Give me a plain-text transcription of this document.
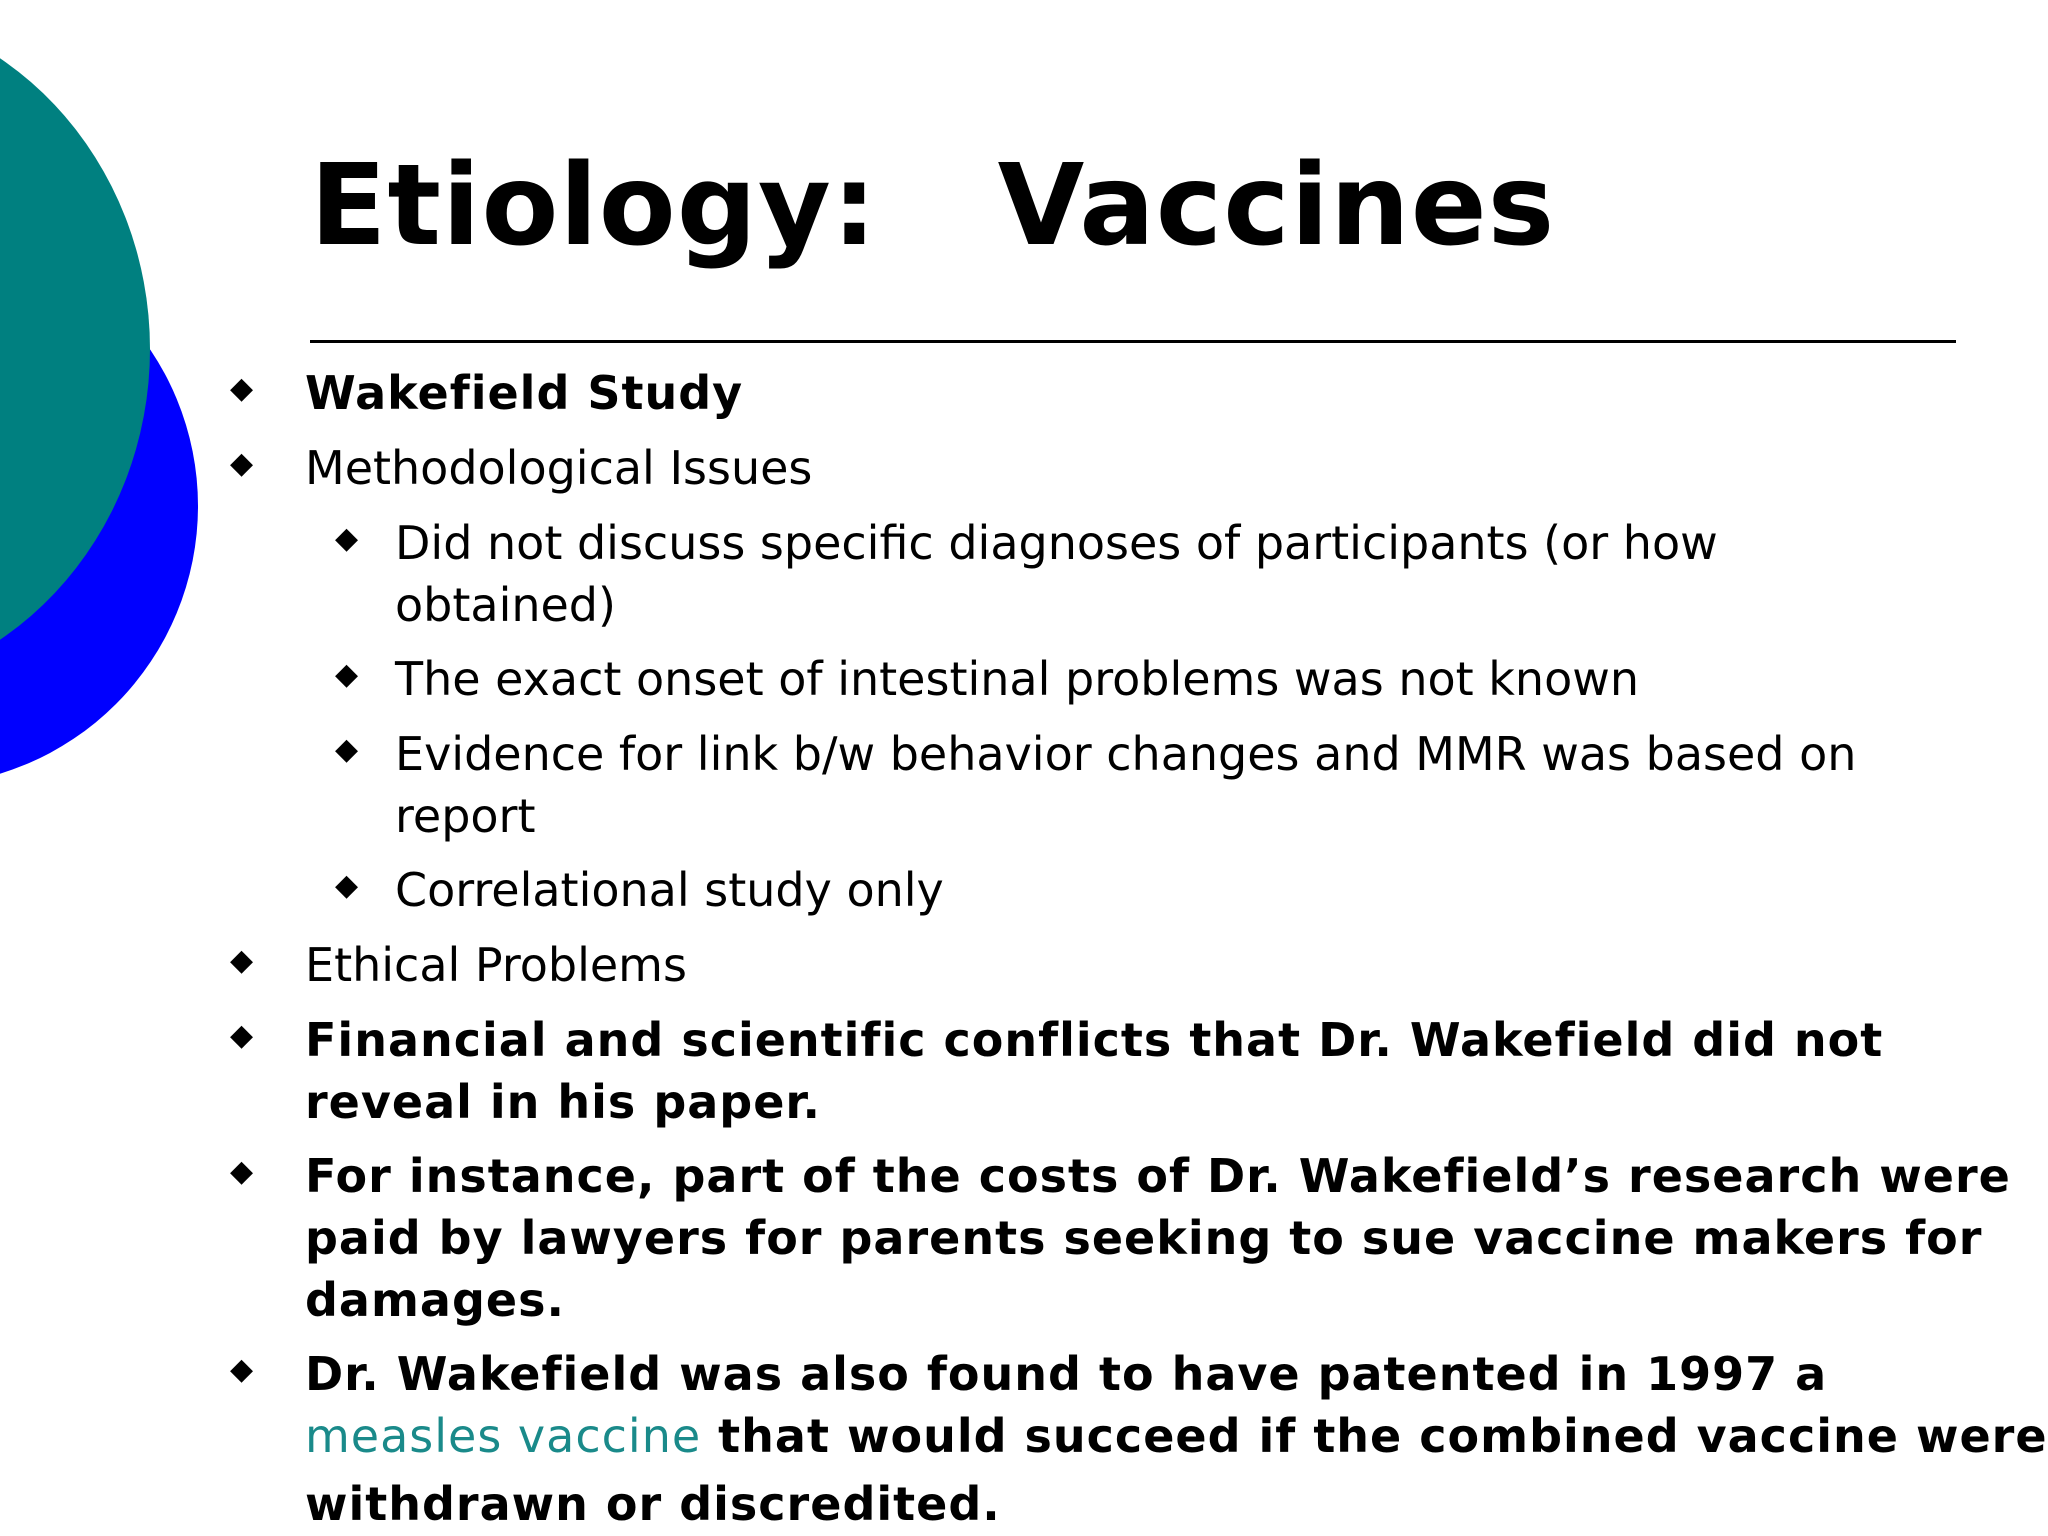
Etiology:   Vaccines
◆ Wakefield Study
◆ Methodological Issues
◆ Did not discuss specific diagnoses of participants (or how
obtained)
◆ The exact onset of intestinal problems was not known
◆ Evidence for link b/w behavior changes and MMR was based on
report
◆ Correlational study only
◆ Ethical Problems
◆ Financial and scientific conflicts that Dr. Wakefield did not
reveal in his paper.
◆ For instance, part of the costs of Dr. Wakefield’s research were
paid by lawyers for parents seeking to sue vaccine makers for
damages.
◆ Dr. Wakefield was also found to have patented in 1997 a
measles vaccine that would succeed if the combined vaccine were
withdrawn or discredited.
